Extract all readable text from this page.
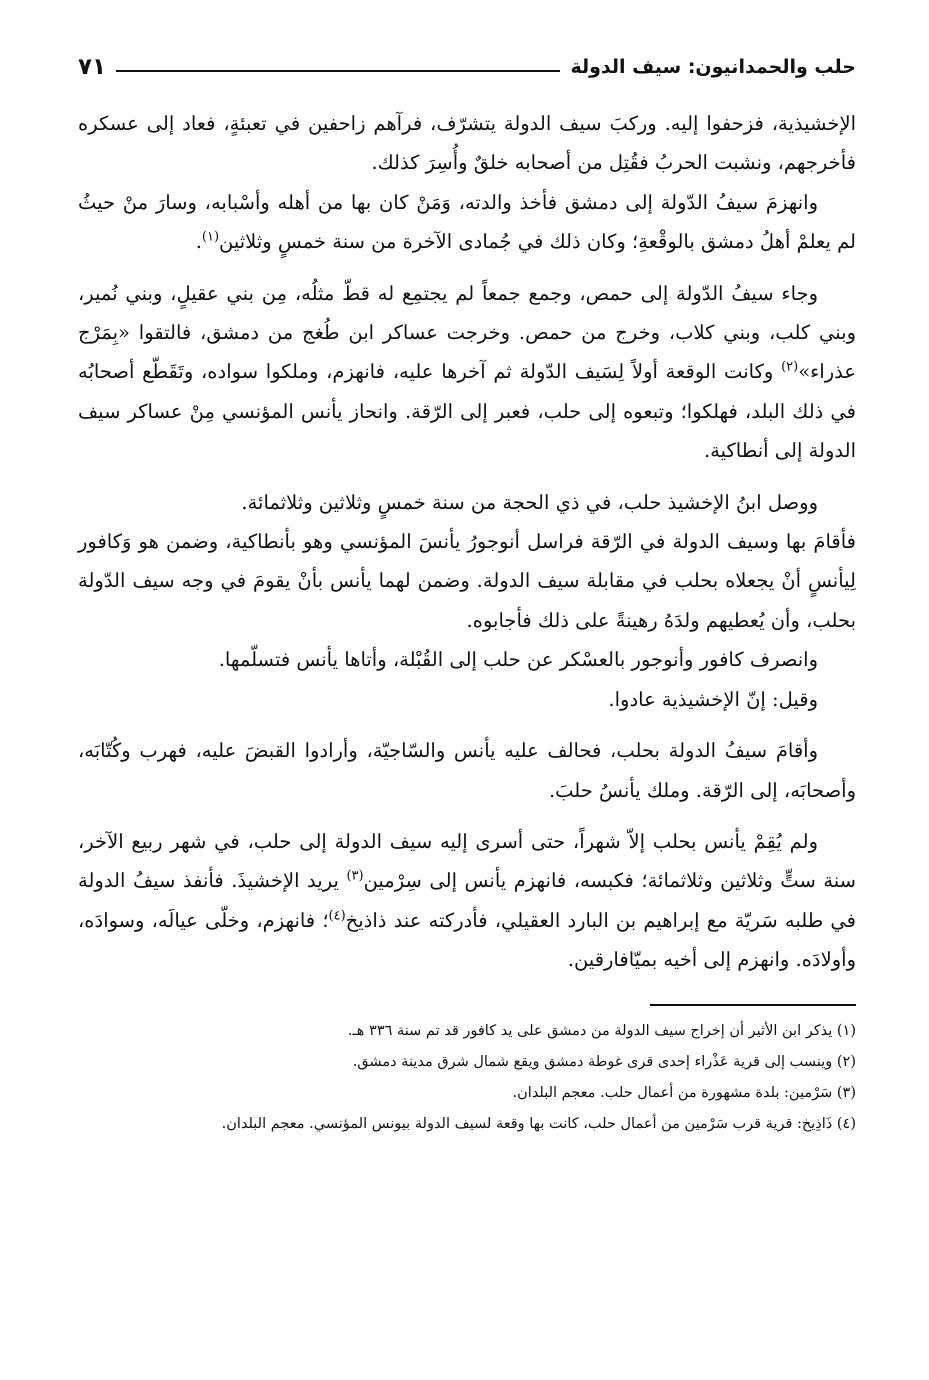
حلب والحمدانيون: سيف الدولة
٧١

الإخشيذية، فزحفوا إليه. وركبَ سيف الدولة يتشرّف، فرآهم زاحفين في تعبئةٍ، فعاد إلى عسكره فأخرجهم، ونشبت الحربُ فقُتِل من أصحابه خلقٌ وأُسِرَ كذلك.

وانهزمَ سيفُ الدّولة إلى دمشق فأخذ والدته، وَمَنْ كان بها من أهله وأسْبابه، وسارَ منْ حيثُ لم يعلمْ أهلُ دمشق بالوقْعةِ؛ وكان ذلك في جُمادى الآخرة من سنة خمسٍ وثلاثين$^{(١)}$.

وجاء سيفُ الدّولة إلى حمص، وجمع جمعاً لم يجتمِع له قطّ مثلُه، مِن بني عقيلٍ، وبني نُمير، وبني كلب، وبني كلاب، وخرج من حمص. وخرجت عساكر ابن طُغج من دمشق، فالتقوا «بِمَرْج عذراء»$^{(٢)}$ وكانت الوقعة أولاً لِسَيف الدّولة ثم آخرها عليه، فانهزم، وملكوا سواده، وتَقَطّع أصحابُه في ذلك البلد، فهلكوا؛ وتبعوه إلى حلب، فعبر إلى الرّقة. وانحاز يأنس المؤنسي مِنْ عساكر سيف الدولة إلى أنطاكية.

ووصل ابنُ الإخشيذ حلب، في ذي الحجة من سنة خمسٍ وثلاثين وثلاثمائة.

فأقامَ بها وسيف الدولة في الرّقة فراسل أنوجورُ يأنسَ المؤنسي وهو بأنطاكية، وضمن هو وَكافور لِيأنسٍ أنْ يجعلاه بحلب في مقابلة سيف الدولة. وضمن لهما يأنس بأنْ يقومَ في وجه سيف الدّولة بحلب، وأن يُعطيهم ولدَهُ رهينةً على ذلك فأجابوه.

وانصرف كافور وأنوجور بالعسْكر عن حلب إلى القُبْلة، وأتاها يأنس فتسلّمها.

وقيل: إنّ الإخشيذية عادوا.

وأقامَ سيفُ الدولة بحلب، فحالف عليه يأنس والسّاجيّة، وأرادوا القبضَ عليه، فهرب وكُتّابَه، وأصحابَه، إلى الرّقة. وملك يأنسُ حلبَ.

ولم يُقِمْ يأنس بحلب إلاّ شهراً، حتى أسرى إليه سيف الدولة إلى حلب، في شهر ربيع الآخر، سنة ستٍّ وثلاثين وثلاثمائة؛ فكبسه، فانهزم يأنس إلى سِرْمين$^{(٣)}$ يريد الإخشيذَ. فأنفذ سيفُ الدولة في طلبه سَريّة مع إبراهيم بن البارد العقيلي، فأدركته عند ذاذيخ$^{(٤)}$؛ فانهزم، وخلّى عيالَه، وسوادَه، وأولادَه. وانهزم إلى أخيه بميّافارقين.

(١) يذكر ابن الأثير أن إخراج سيف الدولة من دمشق على يد كافور قد تم سنة ٣٣٦ هـ.

(٢) وينسب إلى قرية عَذْراء إحدى قرى غوطة دمشق ويقع شمال شرق مدينة دمشق.

(٣) سَرْمين: بلدة مشهورة من أعمال حلب. معجم البلدان.

(٤) ذَاذِيخ: قرية قرب سَرْمين من أعمال حلب، كانت بها وقعة لسيف الدولة بيونس المؤنسي. معجم البلدان.
